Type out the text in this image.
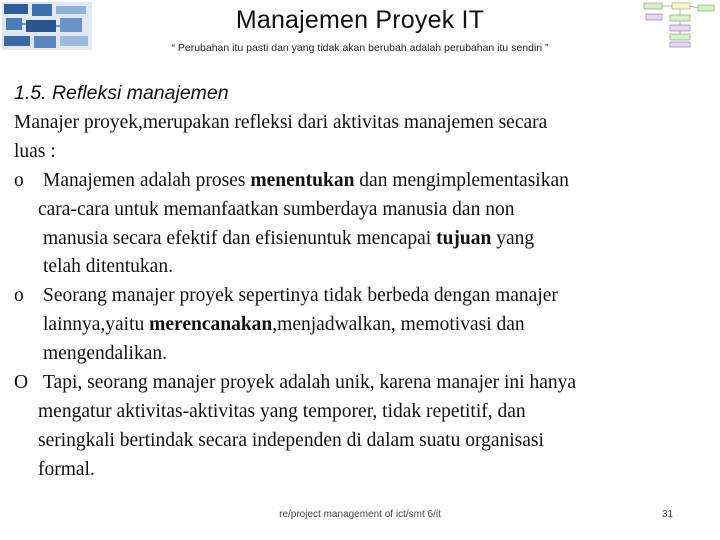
Manajemen Proyek IT
“ Perubahan itu pasti dan yang tidak akan berubah adalah perubahan itu sendiri ”
1.5. Refleksi manajemen
Manajer proyek,merupakan refleksi dari aktivitas manajemen secara
luas :
o Manajemen adalah proses menentukan dan mengimplementasikan
cara-cara untuk memanfaatkan sumberdaya manusia dan non
manusia secara efektif dan efisienuntuk mencapai tujuan yang
telah ditentukan.
o Seorang manajer proyek sepertinya tidak berbeda dengan manajer
lainnya,yaitu merencanakan,menjadwalkan, memotivasi dan
mengendalikan.
O Tapi, seorang manajer proyek adalah unik, karena manajer ini hanya
mengatur aktivitas-aktivitas yang temporer, tidak repetitif, dan
seringkali bertindak secara independen di dalam suatu organisasi
formal.
re/project management of ict/smt 6/it	31
